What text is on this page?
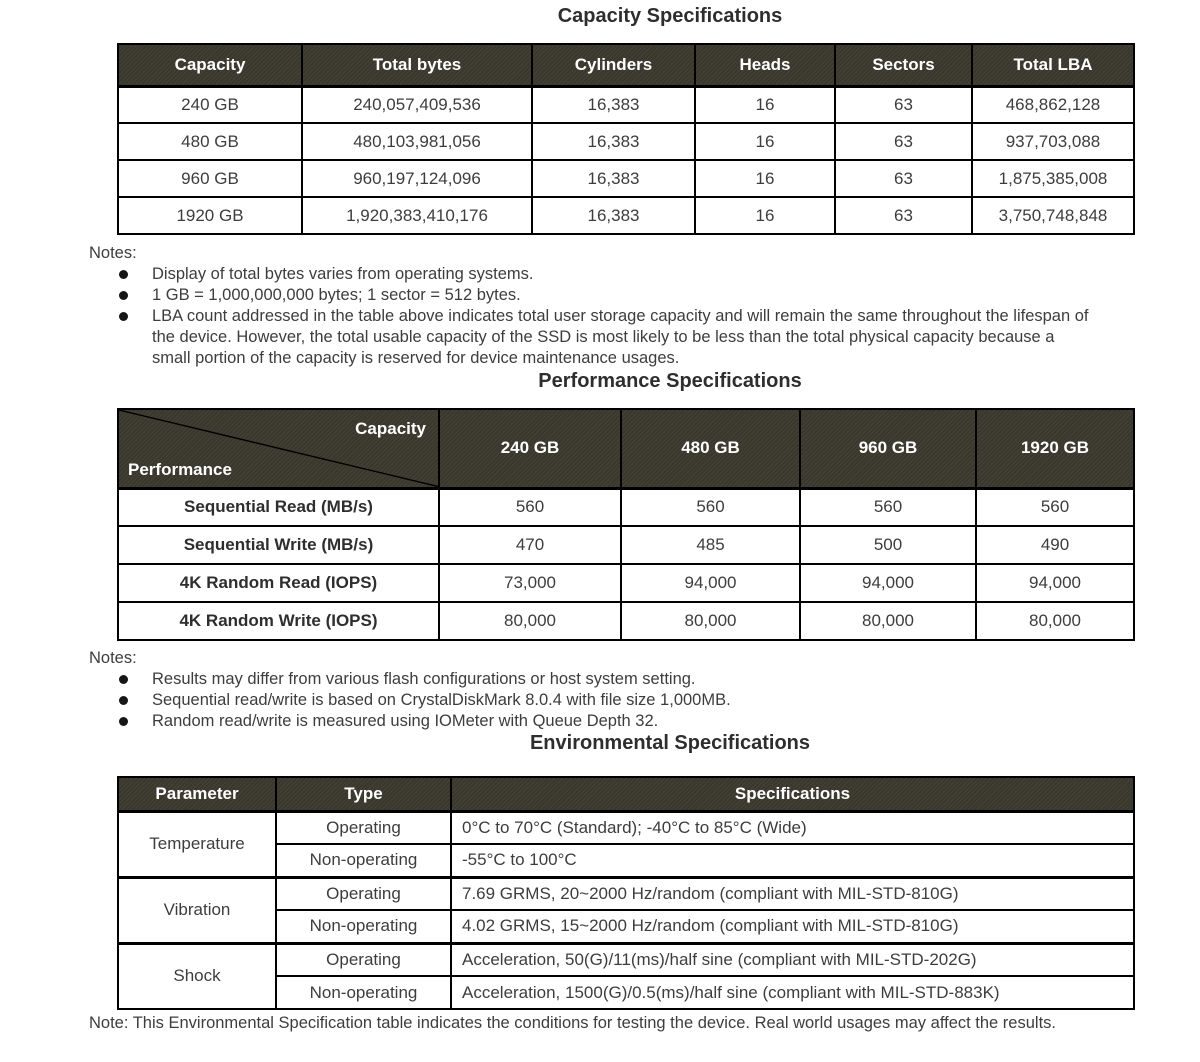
Capacity Specifications
Capacity	Total bytes	Cylinders	Heads	Sectors	Total LBA
240 GB	240,057,409,536	16,383	16	63	468,862,128
480 GB	480,103,981,056	16,383	16	63	937,703,088
960 GB	960,197,124,096	16,383	16	63	1,875,385,008
1920 GB	1,920,383,410,176	16,383	16	63	3,750,748,848
Notes:
Display of total bytes varies from operating systems.
1 GB = 1,000,000,000 bytes; 1 sector = 512 bytes.
LBA count addressed in the table above indicates total user storage capacity and will remain the same throughout the lifespan of the device. However, the total usable capacity of the SSD is most likely to be less than the total physical capacity because a small portion of the capacity is reserved for device maintenance usages.
Performance Specifications
Capacity
Performance	240 GB	480 GB	960 GB	1920 GB
Sequential Read (MB/s)	560	560	560	560
Sequential Write (MB/s)	470	485	500	490
4K Random Read (IOPS)	73,000	94,000	94,000	94,000
4K Random Write (IOPS)	80,000	80,000	80,000	80,000
Notes:
Results may differ from various flash configurations or host system setting.
Sequential read/write is based on CrystalDiskMark 8.0.4 with file size 1,000MB.
Random read/write is measured using IOMeter with Queue Depth 32.
Environmental Specifications
Parameter	Type	Specifications
Temperature	Operating	0°C to 70°C (Standard); -40°C to 85°C (Wide)
	Non-operating	-55°C to 100°C
Vibration	Operating	7.69 GRMS, 20~2000 Hz/random (compliant with MIL-STD-810G)
	Non-operating	4.02 GRMS, 15~2000 Hz/random (compliant with MIL-STD-810G)
Shock	Operating	Acceleration, 50(G)/11(ms)/half sine (compliant with MIL-STD-202G)
	Non-operating	Acceleration, 1500(G)/0.5(ms)/half sine (compliant with MIL-STD-883K)
Note: This Environmental Specification table indicates the conditions for testing the device. Real world usages may affect the results.
